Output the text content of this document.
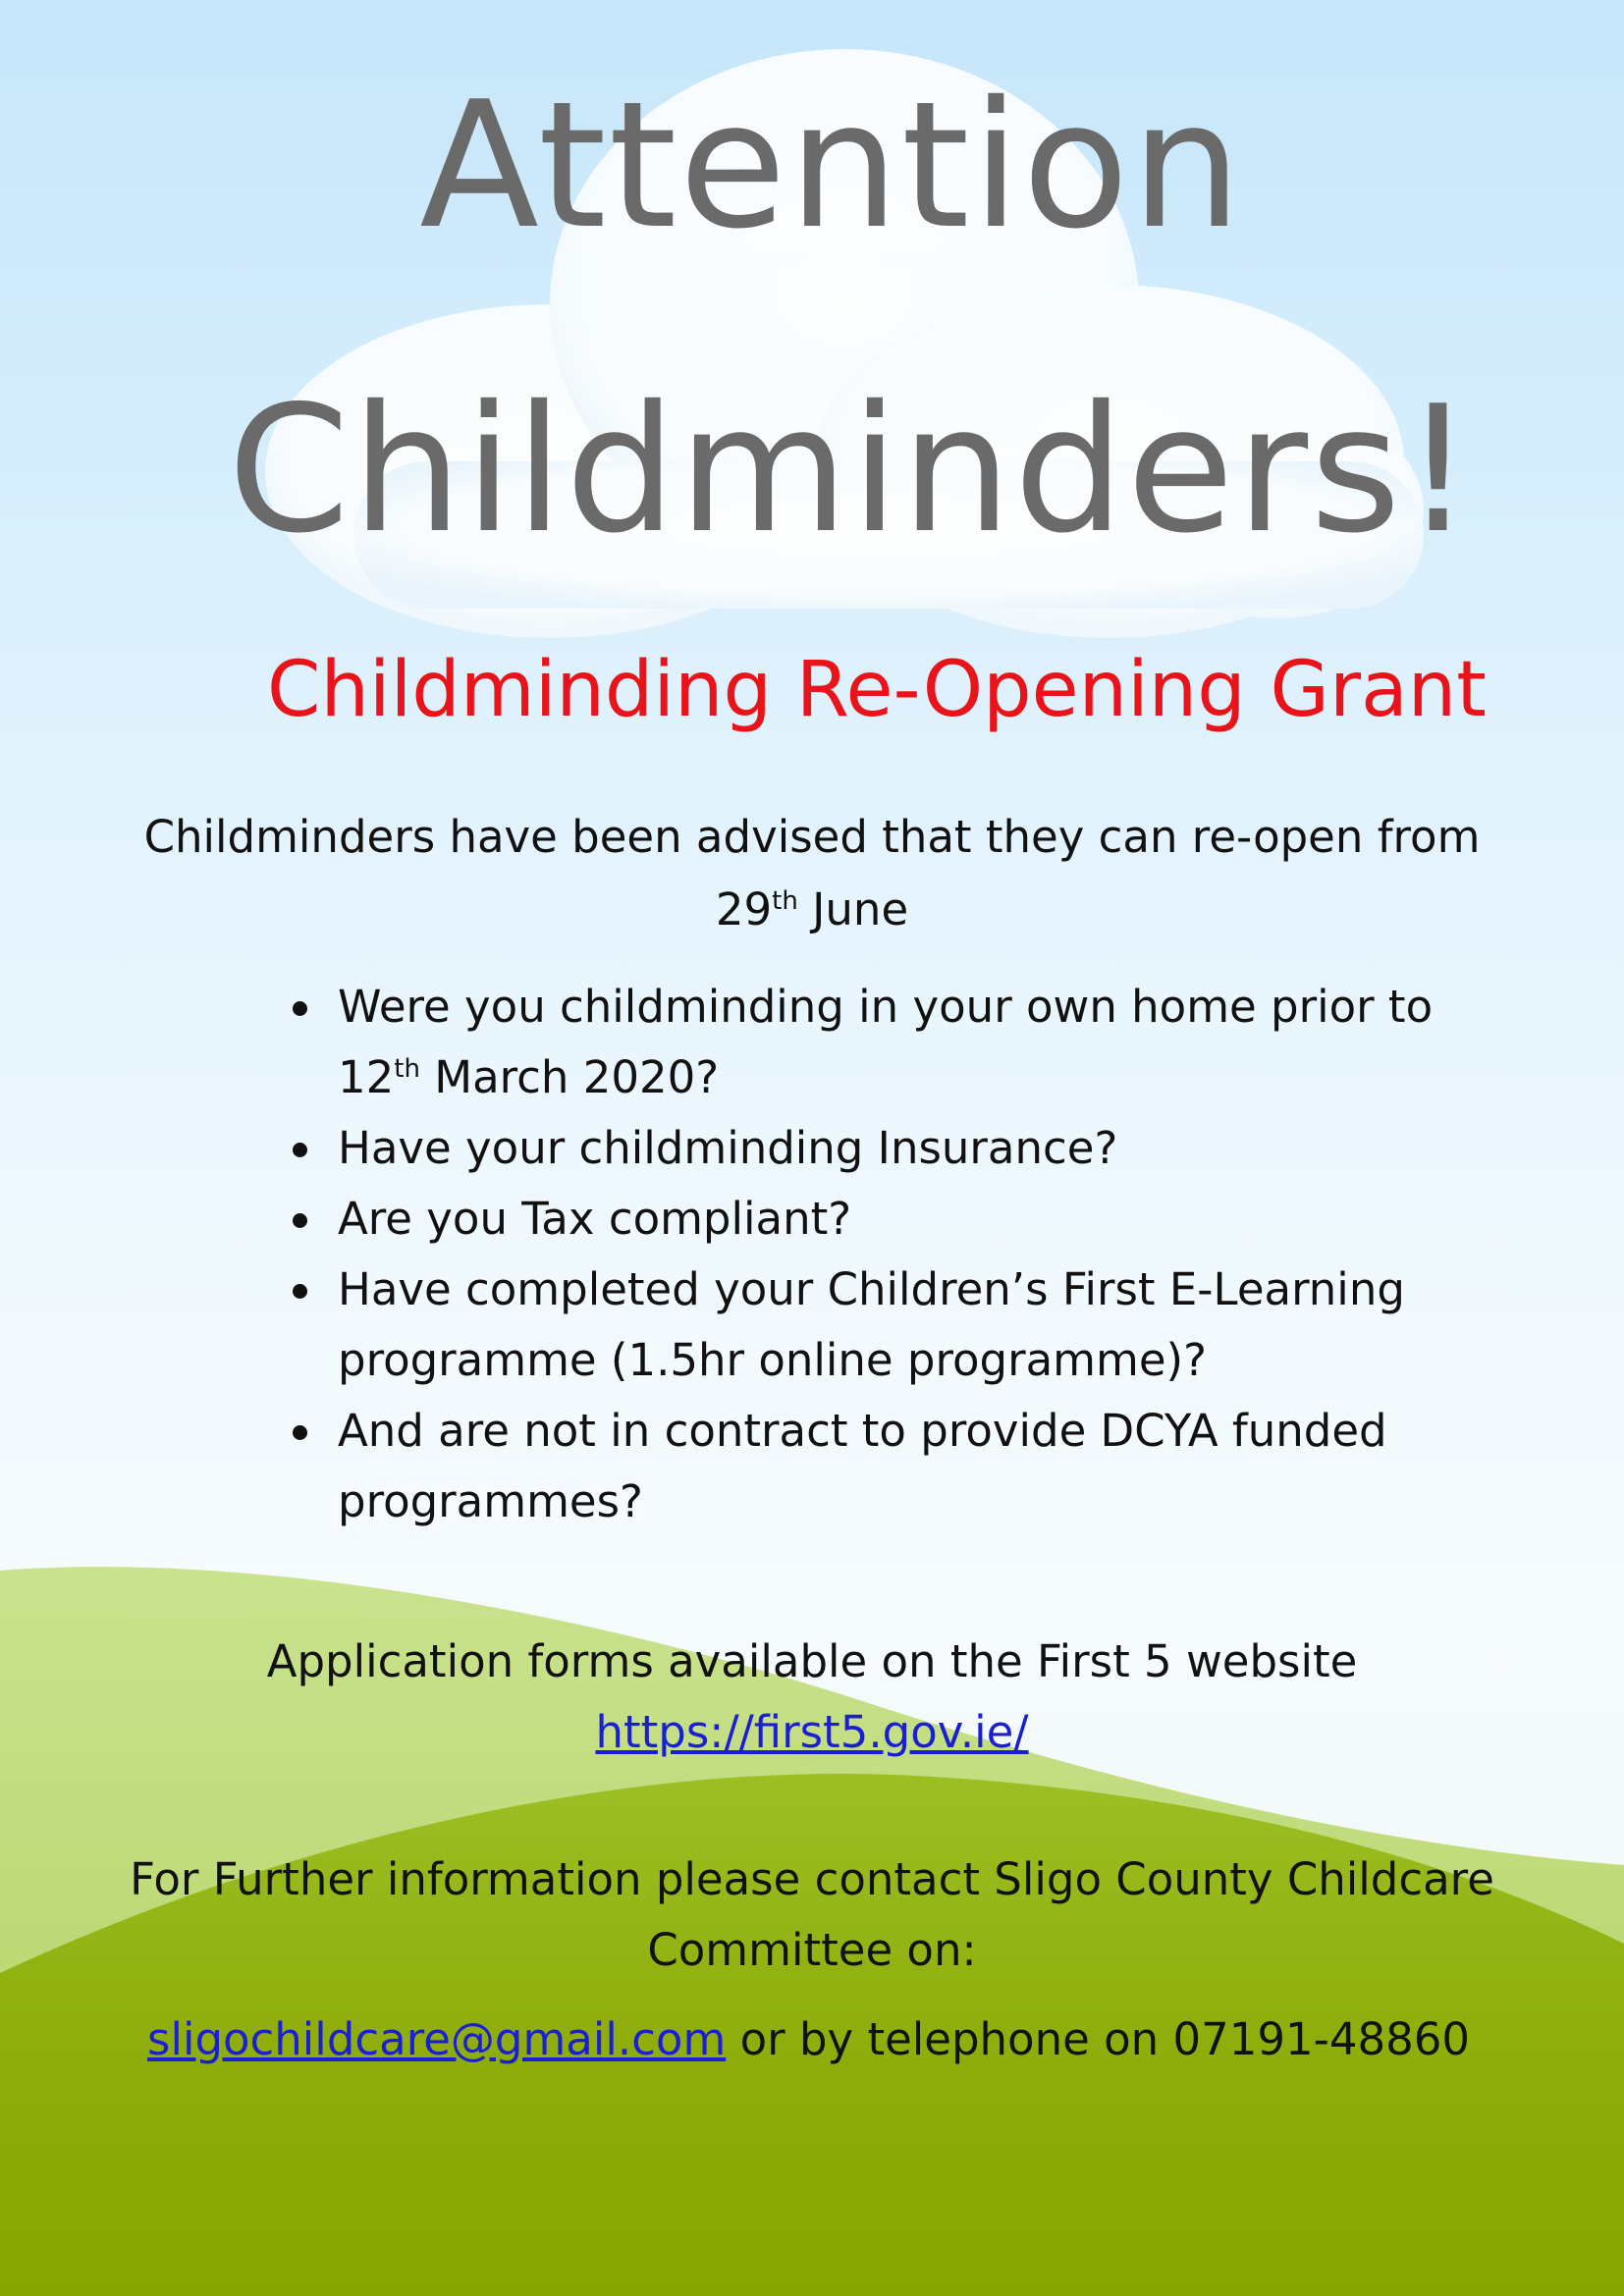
Attention
Childminders!
Childminding Re-Opening Grant
Childminders have been advised that they can re-open from
29th June
Were you childminding in your own home prior to
12th March 2020?
Have your childminding Insurance?
Are you Tax compliant?
Have completed your Children’s First E-Learning programme (1.5hr online programme)?
And are not in contract to provide DCYA funded programmes?
Application forms available on the First 5 website
https://first5.gov.ie/
For Further information please contact Sligo County Childcare
Committee on:
sligochildcare@gmail.com or by telephone on 07191-48860
